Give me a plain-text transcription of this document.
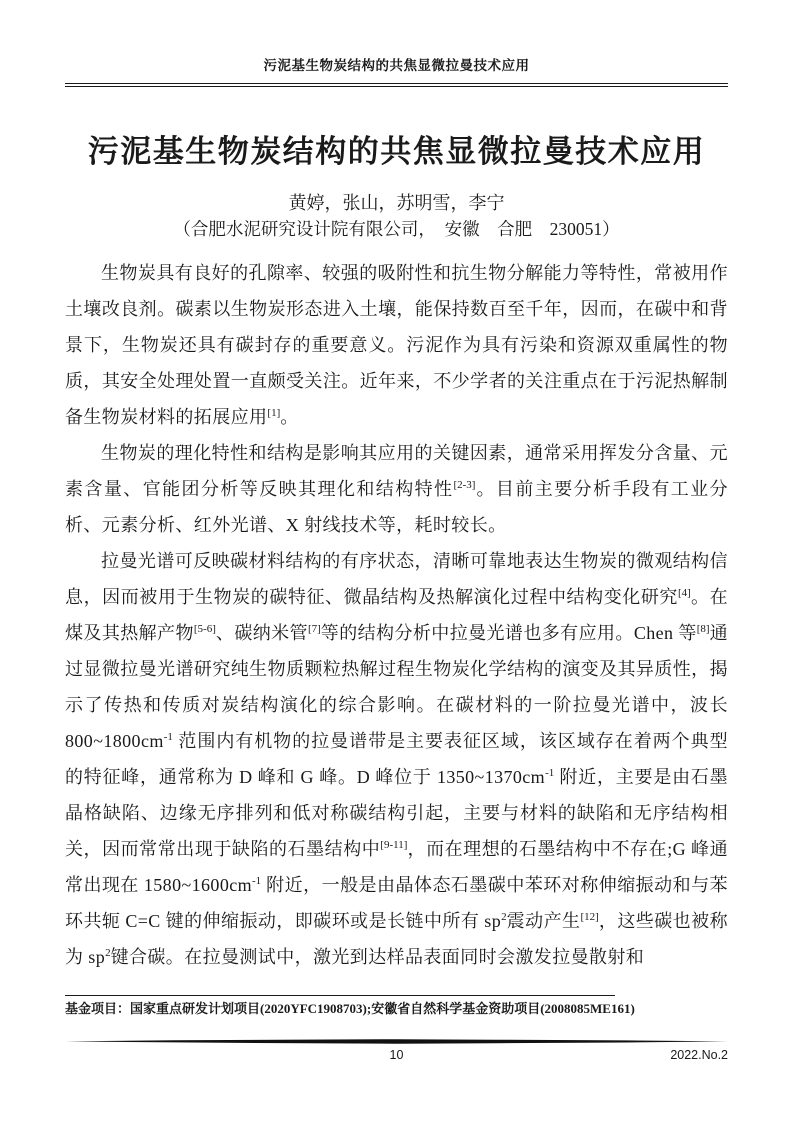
污泥基生物炭结构的共焦显微拉曼技术应用
污泥基生物炭结构的共焦显微拉曼技术应用
黄婷，张山，苏明雪，李宁
（合肥水泥研究设计院有限公司，　安徽　合肥　230051）

生物炭具有良好的孔隙率、较强的吸附性和抗生物分解能力等特性，常被用作土壤改良剂。碳素以生物炭形态进入土壤，能保持数百至千年，因而，在碳中和背景下，生物炭还具有碳封存的重要意义。污泥作为具有污染和资源双重属性的物质，其安全处理处置一直颇受关注。近年来，不少学者的关注重点在于污泥热解制备生物炭材料的拓展应用[1]。

生物炭的理化特性和结构是影响其应用的关键因素，通常采用挥发分含量、元素含量、官能团分析等反映其理化和结构特性[2-3]。目前主要分析手段有工业分析、元素分析、红外光谱、X 射线技术等，耗时较长。

拉曼光谱可反映碳材料结构的有序状态，清晰可靠地表达生物炭的微观结构信息，因而被用于生物炭的碳特征、微晶结构及热解演化过程中结构变化研究[4]。在煤及其热解产物[5-6]、碳纳米管[7]等的结构分析中拉曼光谱也多有应用。Chen 等[8]通过显微拉曼光谱研究纯生物质颗粒热解过程生物炭化学结构的演变及其异质性，揭示了传热和传质对炭结构演化的综合影响。在碳材料的一阶拉曼光谱中，波长 $800\sim 1800cm^{-1}$ 范围内有机物的拉曼谱带是主要表征区域，该区域存在着两个典型的特征峰，通常称为 D 峰和 G 峰。D 峰位于 $1350\sim 1370cm^{-1}$ 附近，主要是由石墨晶格缺陷、边缘无序排列和低对称碳结构引起，主要与材料的缺陷和无序结构相关，因而常常出现于缺陷的石墨结构中[9-11]，而在理想的石墨结构中不存在;G 峰通常出现在 $1580\sim 1600cm^{-1}$ 附近，一般是由晶体态石墨碳中苯环对称伸缩振动和与苯环共轭 C=C 键的伸缩振动，即碳环或是长链中所有 $sp^2$震动产生[12]，这些碳也被称为 $sp^2$键合碳。在拉曼测试中，激光到达样品表面同时会激发拉曼散射和

基金项目：国家重点研发计划项目(2020YFC1908703);安徽省自然科学基金资助项目(2008085ME161)
10	2022.No.2
